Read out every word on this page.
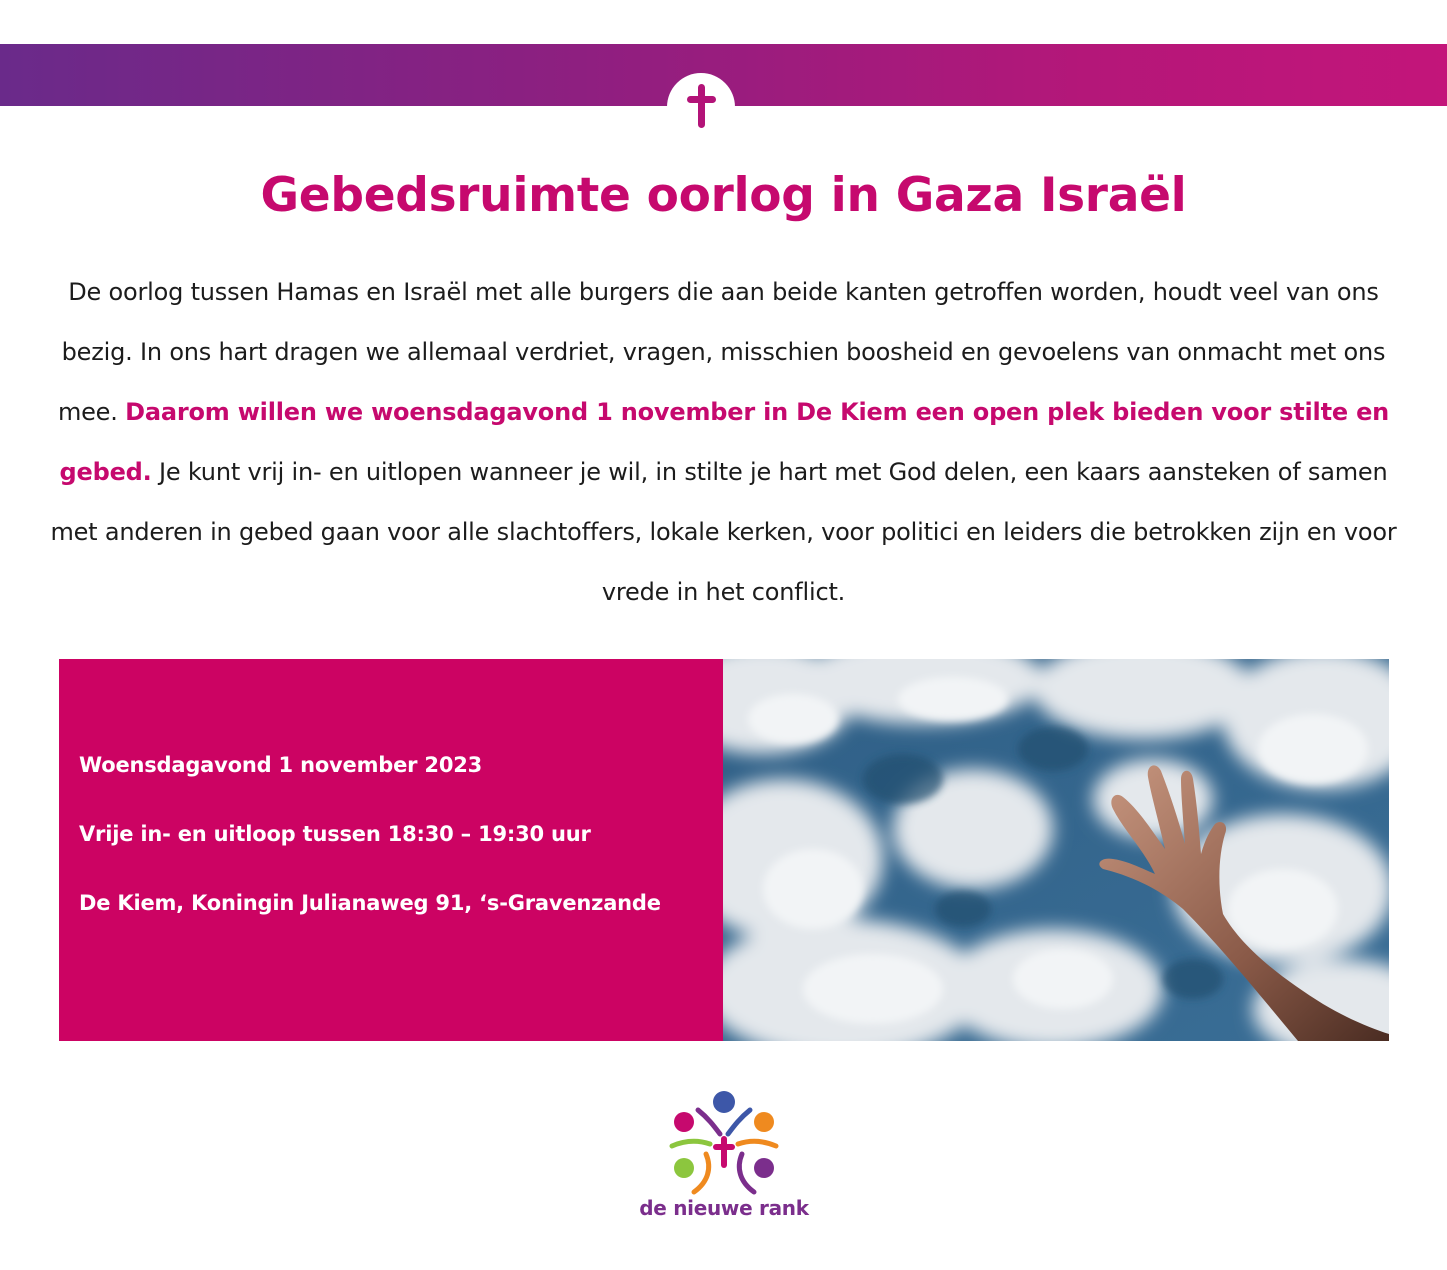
Gebedsruimte oorlog in Gaza Israël

De oorlog tussen Hamas en Israël met alle burgers die aan beide kanten getroffen worden, houdt veel van ons bezig. In ons hart dragen we allemaal verdriet, vragen, misschien boosheid en gevoelens van onmacht met ons mee. Daarom willen we woensdagavond 1 november in De Kiem een open plek bieden voor stilte en gebed. Je kunt vrij in- en uitlopen wanneer je wil, in stilte je hart met God delen, een kaars aansteken of samen met anderen in gebed gaan voor alle slachtoffers, lokale kerken, voor politici en leiders die betrokken zijn en voor vrede in het conflict.

Woensdagavond 1 november 2023

Vrije in- en uitloop tussen 18:30 – 19:30 uur

De Kiem, Koningin Julianaweg 91, ‘s-Gravenzande

de nieuwe rank
